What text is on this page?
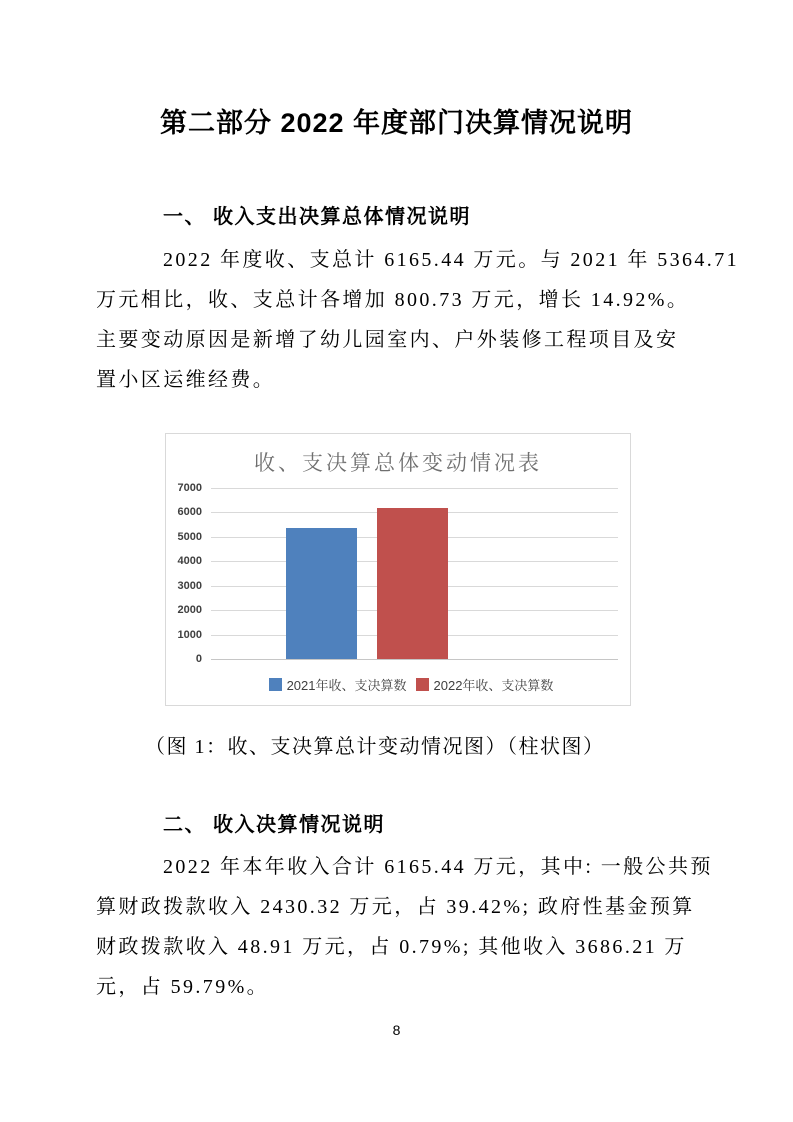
第二部分 2022 年度部门决算情况说明
一、 收入支出决算总体情况说明
2022 年度收、支总计 6165.44 万元。与 2021 年 5364.71
万元相比，收、支总计各增加 800.73 万元，增长 14.92%。
主要变动原因是新增了幼儿园室内、户外装修工程项目及安
置小区运维经费。
收、支决算总体变动情况表
0
1000
2000
3000
4000
5000
6000
7000
2021年收、支决算数 2022年收、支决算数
（图 1：收、支决算总计变动情况图）（柱状图）
二、 收入决算情况说明
2022 年本年收入合计 6165.44 万元，其中: 一般公共预
算财政拨款收入 2430.32 万元，占 39.42%; 政府性基金预算
财政拨款收入 48.91 万元，占 0.79%; 其他收入 3686.21 万
元，占 59.79%。
8
